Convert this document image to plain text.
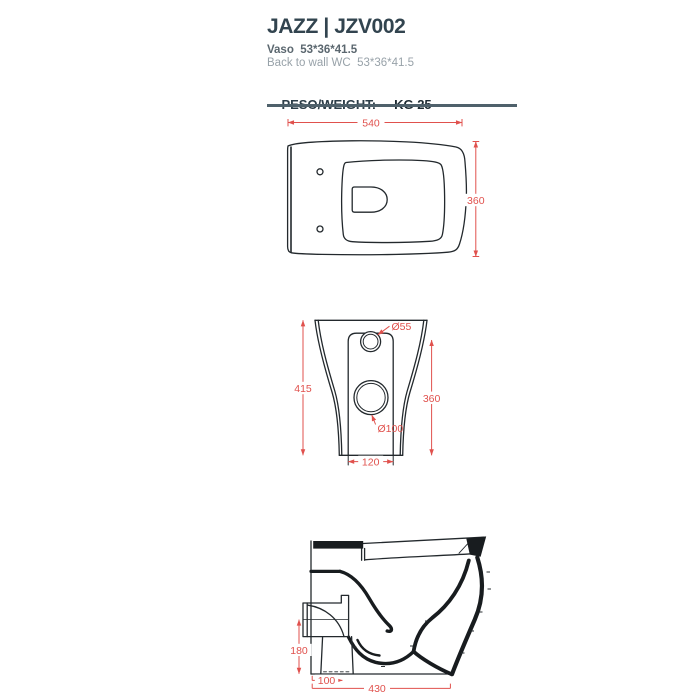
JAZZ | JZV002
Vaso  53*36*41.5
Back to wall WC  53*36*41.5

540
360
415
360
120
Ø55
Ø100
180
100
430
